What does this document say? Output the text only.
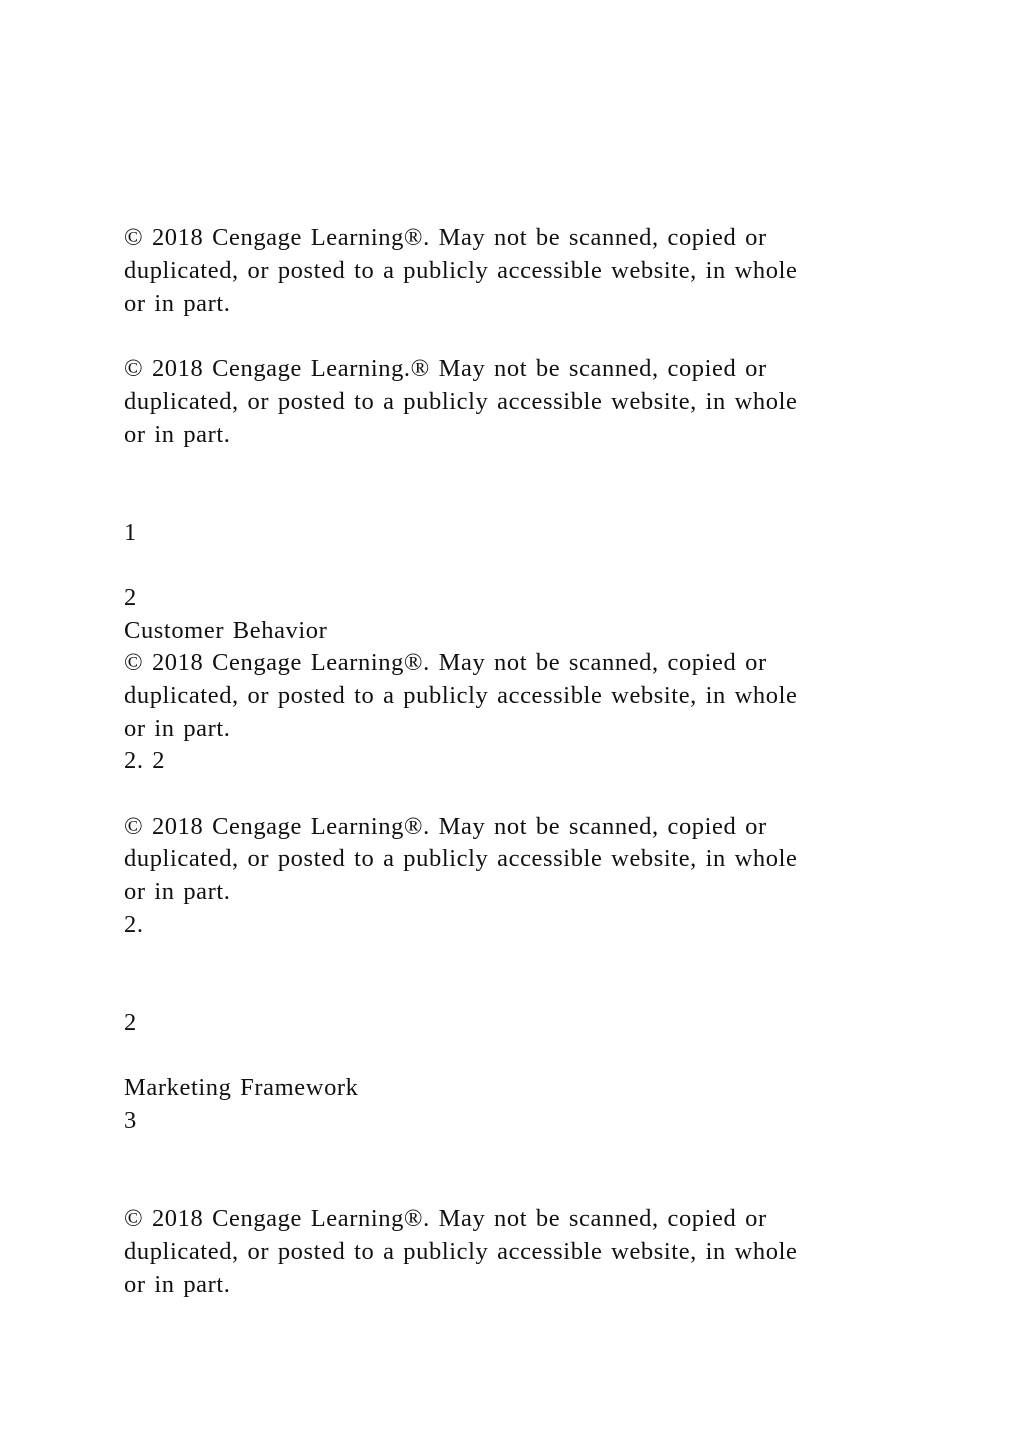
© 2018 Cengage Learning®. May not be scanned, copied or
duplicated, or posted to a publicly accessible website, in whole
or in part.
© 2018 Cengage Learning.® May not be scanned, copied or
duplicated, or posted to a publicly accessible website, in whole
or in part.
1
2
Customer Behavior
© 2018 Cengage Learning®. May not be scanned, copied or
duplicated, or posted to a publicly accessible website, in whole
or in part.
2. 2
© 2018 Cengage Learning®. May not be scanned, copied or
duplicated, or posted to a publicly accessible website, in whole
or in part.
2.
2
Marketing Framework
3
© 2018 Cengage Learning®. May not be scanned, copied or
duplicated, or posted to a publicly accessible website, in whole
or in part.
